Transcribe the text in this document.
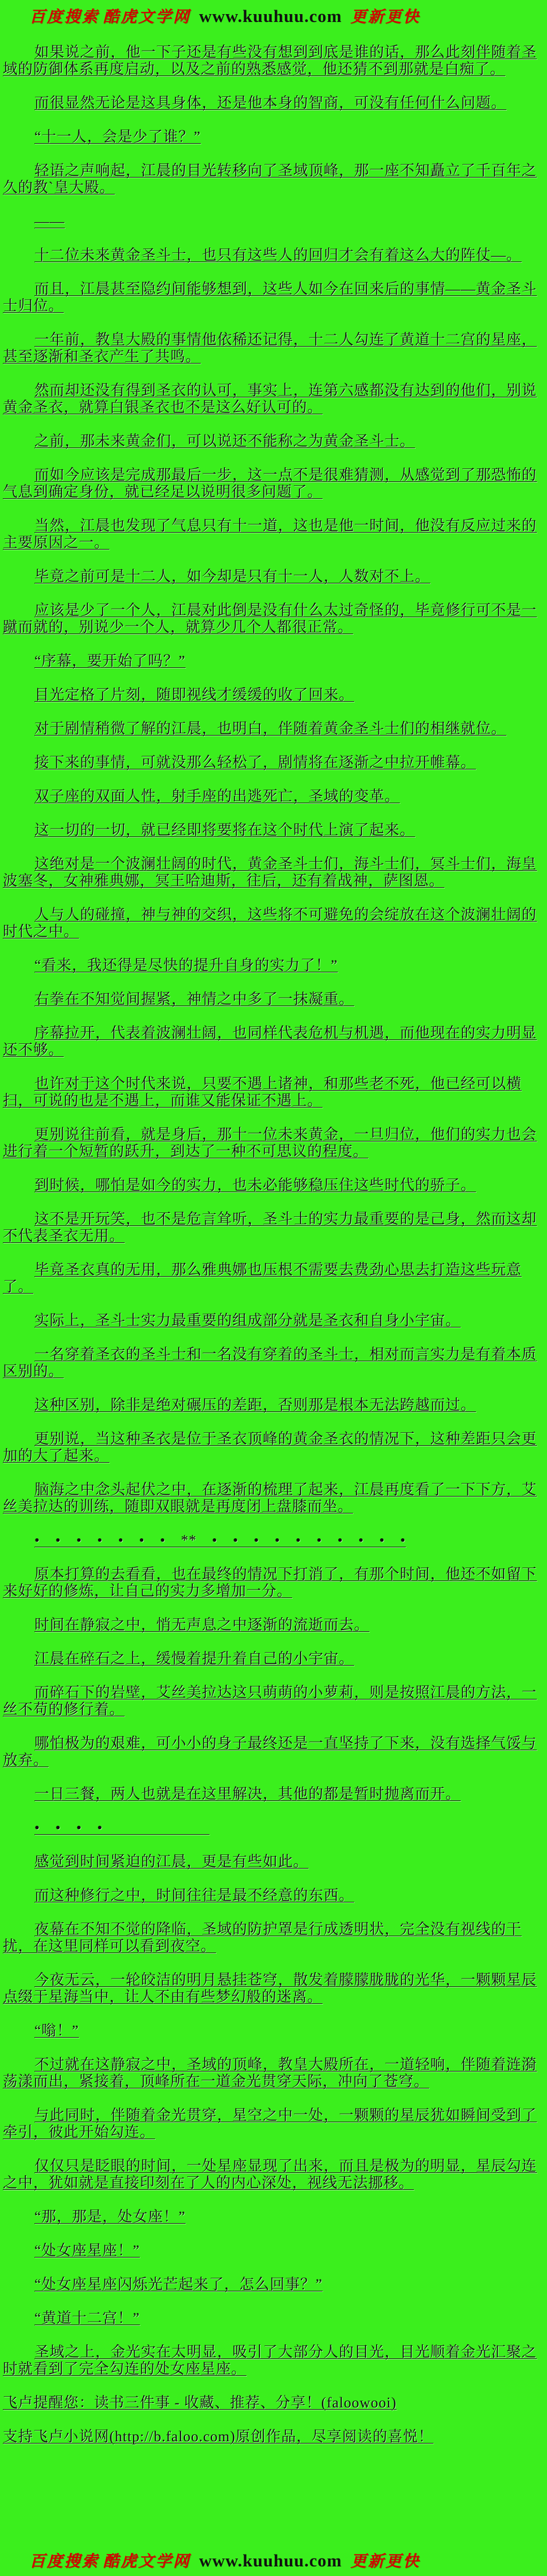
百度搜索 酷虎文学网 www.kuuhuu.com 更新更快

如果说之前，他一下子还是有些没有想到到底是谁的话，那么此刻伴随着圣域的防御体系再度启动，以及之前的熟悉感觉，他还猜不到那就是白痴了。

而很显然无论是这具身体，还是他本身的智商，可没有任何什么问题。

“十一人，会是少了谁？”

轻语之声响起，江晨的目光转移向了圣域顶峰，那一座不知矗立了千百年之久的教`皇大殿。

——

十二位未来黄金圣斗士，也只有这些人的回归才会有着这么大的阵仗—。

而且，江晨甚至隐约间能够想到，这些人如今在回来后的事情——黄金圣斗士归位。

一年前，教皇大殿的事情他依稀还记得，十二人勾连了黄道十二宫的星座，甚至逐渐和圣衣产生了共鸣。

然而却还没有得到圣衣的认可，事实上，连第六感都没有达到的他们，别说黄金圣衣，就算白银圣衣也不是这么好认可的。

之前，那未来黄金们，可以说还不能称之为黄金圣斗士。

而如今应该是完成那最后一步，这一点不是很难猜测，从感觉到了那恐怖的气息到确定身份，就已经足以说明很多问题了。

当然，江晨也发现了气息只有十一道，这也是他一时间，他没有反应过来的主要原因之一。

毕竟之前可是十二人，如今却是只有十一人，人数对不上。

应该是少了一个人，江晨对此倒是没有什么太过奇怪的，毕竟修行可不是一蹴而就的，别说少一个人，就算少几个人都很正常。

“序幕，要开始了吗？”

目光定格了片刻，随即视线才缓缓的收了回来。

对于剧情稍微了解的江晨，也明白，伴随着黄金圣斗士们的相继就位。

接下来的事情，可就没那么轻松了，剧情将在逐渐之中拉开帷幕。

双子座的双面人性，射手座的出逃死亡，圣域的变革。

这一切的一切，就已经即将要将在这个时代上演了起来。

这绝对是一个波澜壮阔的时代，黄金圣斗士们，海斗士们，冥斗士们，海皇波塞冬，女神雅典娜，冥王哈迪斯，往后，还有着战神，萨图恩。

人与人的碰撞，神与神的交织，这些将不可避免的会绽放在这个波澜壮阔的时代之中。

“看来，我还得是尽快的提升自身的实力了！”

右拳在不知觉间握紧，神情之中多了一抹凝重。

序幕拉开，代表着波澜壮阔，也同样代表危机与机遇，而他现在的实力明显还不够。

也许对于这个时代来说，只要不遇上诸神，和那些老不死，他已经可以横扫，可说的也是不遇上，而谁又能保证不遇上。

更别说往前看，就是身后，那十一位未来黄金，一旦归位，他们的实力也会进行着一个短暂的跃升，到达了一种不可思议的程度。

到时候，哪怕是如今的实力，也未必能够稳压住这些时代的骄子。

这不是开玩笑，也不是危言耸听，圣斗士的实力最重要的是己身，然而这却不代表圣衣无用。

毕竟圣衣真的无用，那么雅典娜也压根不需要去费劲心思去打造这些玩意了。

实际上，圣斗士实力最重要的组成部分就是圣衣和自身小宇宙。

一名穿着圣衣的圣斗士和一名没有穿着的圣斗士，相对而言实力是有着本质区别的。

这种区别，除非是绝对碾压的差距，否则那是根本无法跨越而过。

更别说，当这种圣衣是位于圣衣顶峰的黄金圣衣的情况下，这种差距只会更加的大了起来。

脑海之中念头起伏之中，在逐渐的梳理了起来，江晨再度看了一下下方，艾丝美拉达的训练，随即双眼就是再度闭上盘膝而坐。

•　•　•　•　•　•　•　**　•　•　•　•　•　•　•　•　•　•

原本打算的去看看，也在最终的情况下打消了，有那个时间，他还不如留下来好好的修炼，让自己的实力多增加一分。

时间在静寂之中，悄无声息之中逐渐的流逝而去。

江晨在碎石之上，缓慢着提升着自己的小宇宙。

而碎石下的岩壁，艾丝美拉达这只萌萌的小萝莉，则是按照江晨的方法，一丝不苟的修行着。

哪怕极为的艰难，可小小的身子最终还是一直坚持了下来，没有选择气馁与放弃。

一日三餐，两人也就是在这里解决，其他的都是暂时抛离而开。

•　•　•　•　　　　　　　

感觉到时间紧迫的江晨，更是有些如此。

而这种修行之中，时间往往是最不经意的东西。

夜幕在不知不觉的降临，圣域的防护罩是行成透明状，完全没有视线的干扰，在这里同样可以看到夜空。

今夜无云，一轮皎洁的明月悬挂苍穹，散发着朦朦胧胧的光华，一颗颗星辰点缀于星海当中，让人不由有些梦幻般的迷离。

“嗡！”

不过就在这静寂之中，圣域的顶峰，教皇大殿所在，一道轻响，伴随着涟漪荡漾而出，紧接着，顶峰所在一道金光贯穿天际，冲向了苍穹。

与此同时，伴随着金光贯穿，星空之中一处，一颗颗的星辰犹如瞬间受到了牵引，彼此开始勾连。

仅仅只是眨眼的时间，一处星座显现了出来，而且是极为的明显，星辰勾连之中，犹如就是直接印刻在了人的内心深处，视线无法挪移。

“那，那是，处女座！”

“处女座星座！”

“处女座星座闪烁光芒起来了，怎么回事？”

“黄道十二宫！”

圣域之上，金光实在太明显，吸引了大部分人的目光，目光顺着金光汇聚之时就看到了完全勾连的处女座星座。

飞卢提醒您：读书三件事 - 收藏、推荐、分享！(faloowooi)

支持飞卢小说网(http://b.faloo.com)原创作品，尽享阅读的喜悦！

百度搜索 酷虎文学网 www.kuuhuu.com 更新更快
